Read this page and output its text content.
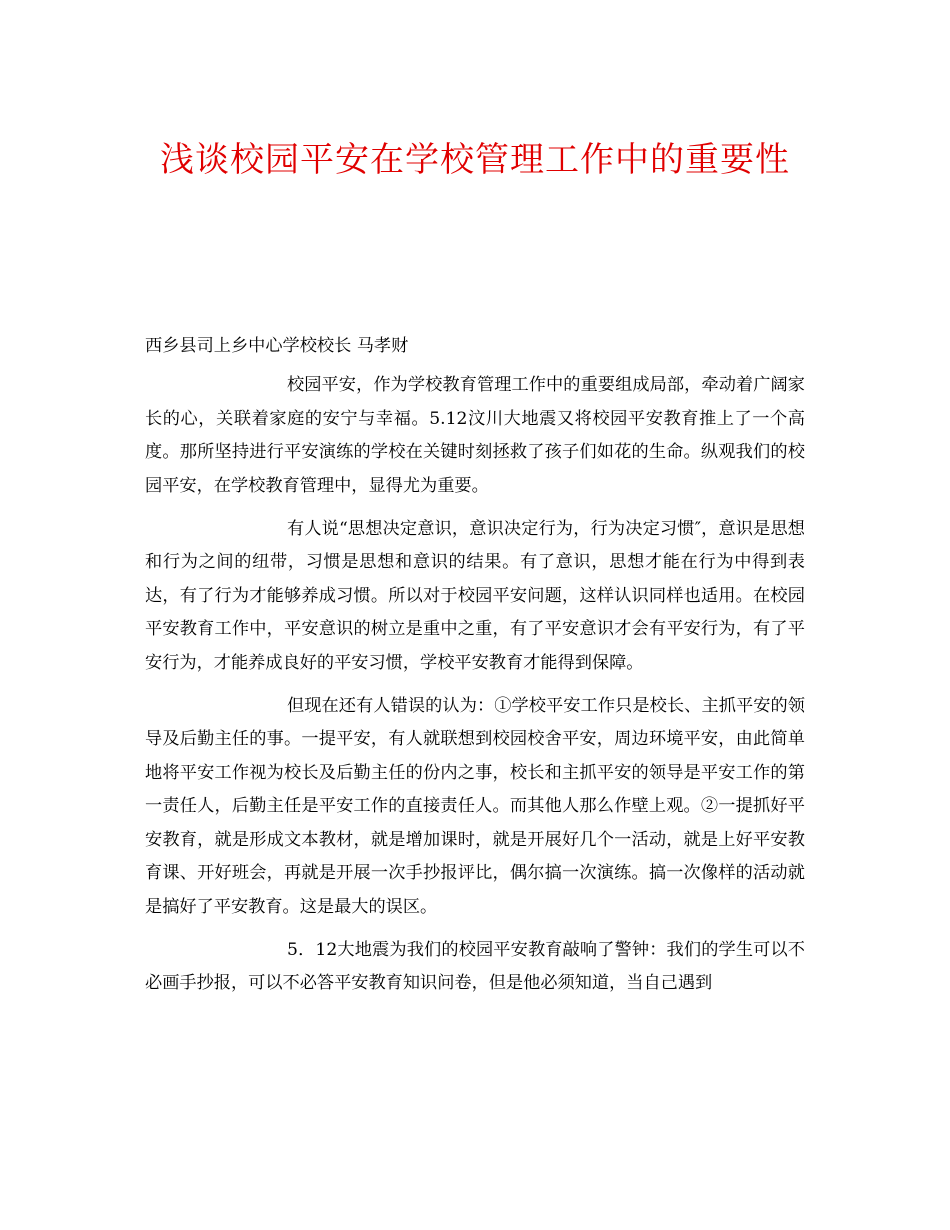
浅谈校园平安在学校管理工作中的重要性

西乡县司上乡中心学校校长 马孝财

校园平安，作为学校教育管理工作中的重要组成局部，牵动着广阔家长的心，关联着家庭的安宁与幸福。5.12汶川大地震又将校园平安教育推上了一个高度。那所坚持进行平安演练的学校在关键时刻拯救了孩子们如花的生命。纵观我们的校园平安，在学校教育管理中，显得尤为重要。

有人说“思想决定意识，意识决定行为，行为决定习惯″，意识是思想和行为之间的纽带，习惯是思想和意识的结果。有了意识，思想才能在行为中得到表达，有了行为才能够养成习惯。所以对于校园平安问题，这样认识同样也适用。在校园平安教育工作中，平安意识的树立是重中之重，有了平安意识才会有平安行为，有了平安行为，才能养成良好的平安习惯，学校平安教育才能得到保障。

但现在还有人错误的认为：①学校平安工作只是校长、主抓平安的领导及后勤主任的事。一提平安，有人就联想到校园校舍平安，周边环境平安，由此简单地将平安工作视为校长及后勤主任的份内之事，校长和主抓平安的领导是平安工作的第一责任人，后勤主任是平安工作的直接责任人。而其他人那么作壁上观。②一提抓好平安教育，就是形成文本教材，就是增加课时，就是开展好几个一活动，就是上好平安教育课、开好班会，再就是开展一次手抄报评比，偶尔搞一次演练。搞一次像样的活动就是搞好了平安教育。这是最大的误区。

5．12大地震为我们的校园平安教育敲响了警钟：我们的学生可以不必画手抄报，可以不必答平安教育知识问卷，但是他必须知道，当自己遇到
